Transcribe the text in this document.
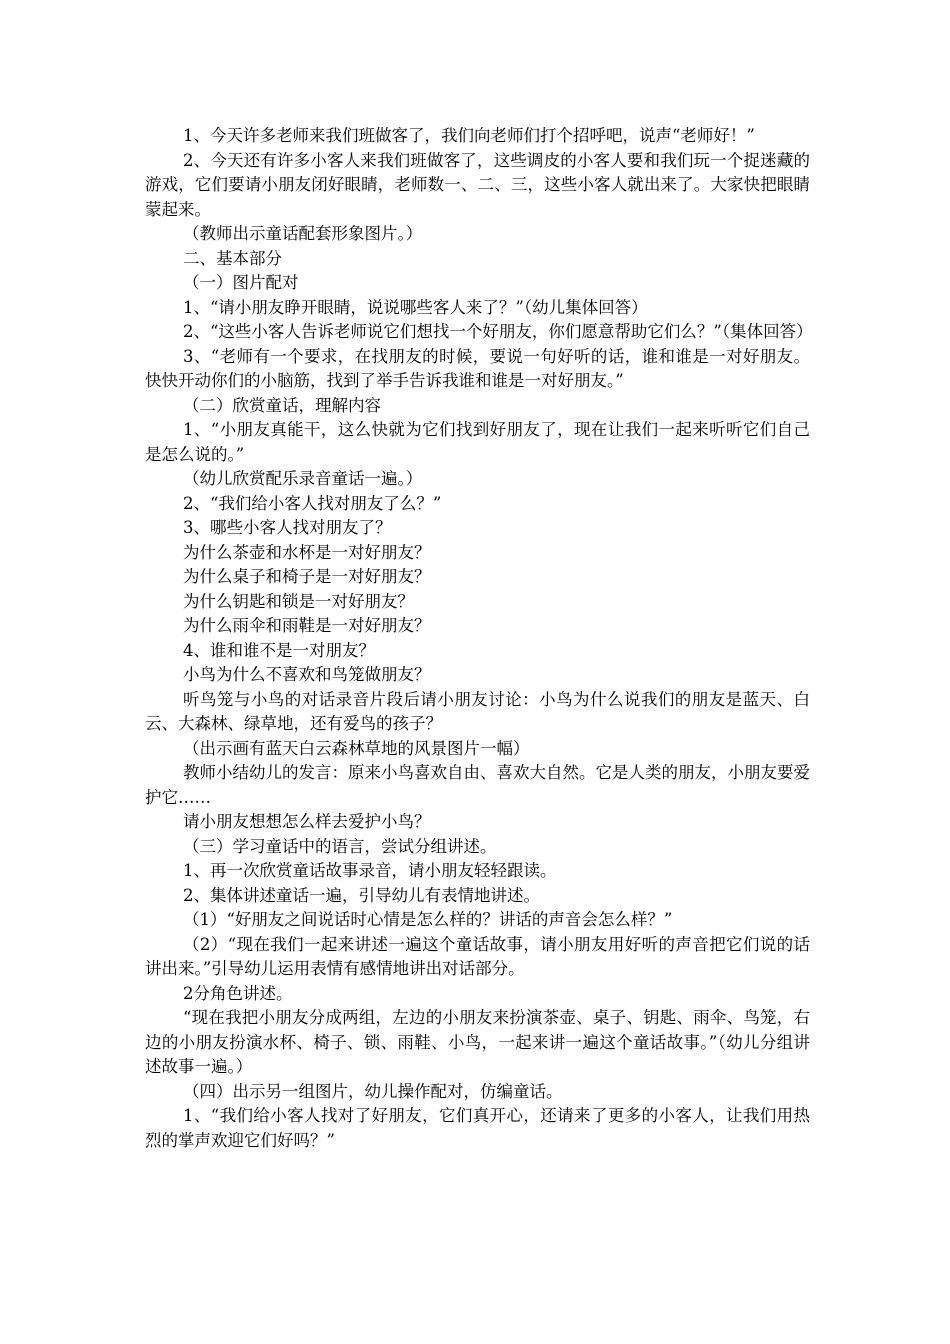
1、今天许多老师来我们班做客了，我们向老师们打个招呼吧，说声“老师好！”

2、今天还有许多小客人来我们班做客了，这些调皮的小客人要和我们玩一个捉迷藏的游戏，它们要请小朋友闭好眼睛，老师数一、二、三，这些小客人就出来了。大家快把眼睛蒙起来。

（教师出示童话配套形象图片。）

二、基本部分

（一）图片配对

1、“请小朋友睁开眼睛，说说哪些客人来了？”（幼儿集体回答）

2、“这些小客人告诉老师说它们想找一个好朋友，你们愿意帮助它们么？”（集体回答）

3、“老师有一个要求，在找朋友的时候，要说一句好听的话，谁和谁是一对好朋友。快快开动你们的小脑筋，找到了举手告诉我谁和谁是一对好朋友。”

（二）欣赏童话，理解内容

1、“小朋友真能干，这么快就为它们找到好朋友了，现在让我们一起来听听它们自己是怎么说的。”

（幼儿欣赏配乐录音童话一遍。）

2、“我们给小客人找对朋友了么？”

3、哪些小客人找对朋友了？

为什么茶壶和水杯是一对好朋友？

为什么桌子和椅子是一对好朋友？

为什么钥匙和锁是一对好朋友？

为什么雨伞和雨鞋是一对好朋友？

4、谁和谁不是一对朋友？

小鸟为什么不喜欢和鸟笼做朋友？

听鸟笼与小鸟的对话录音片段后请小朋友讨论：小鸟为什么说我们的朋友是蓝天、白云、大森林、绿草地，还有爱鸟的孩子？

（出示画有蓝天白云森林草地的风景图片一幅）

教师小结幼儿的发言：原来小鸟喜欢自由、喜欢大自然。它是人类的朋友，小朋友要爱护它……

请小朋友想想怎么样去爱护小鸟？

（三）学习童话中的语言，尝试分组讲述。

1、再一次欣赏童话故事录音，请小朋友轻轻跟读。

2、集体讲述童话一遍，引导幼儿有表情地讲述。

（1）“好朋友之间说话时心情是怎么样的？讲话的声音会怎么样？”

（2）“现在我们一起来讲述一遍这个童话故事，请小朋友用好听的声音把它们说的话讲出来。”引导幼儿运用表情有感情地讲出对话部分。

2分角色讲述。

“现在我把小朋友分成两组，左边的小朋友来扮演茶壶、桌子、钥匙、雨伞、鸟笼，右边的小朋友扮演水杯、椅子、锁、雨鞋、小鸟，一起来讲一遍这个童话故事。”（幼儿分组讲述故事一遍。）

（四）出示另一组图片，幼儿操作配对，仿编童话。

1、“我们给小客人找对了好朋友，它们真开心，还请来了更多的小客人，让我们用热烈的掌声欢迎它们好吗？”
